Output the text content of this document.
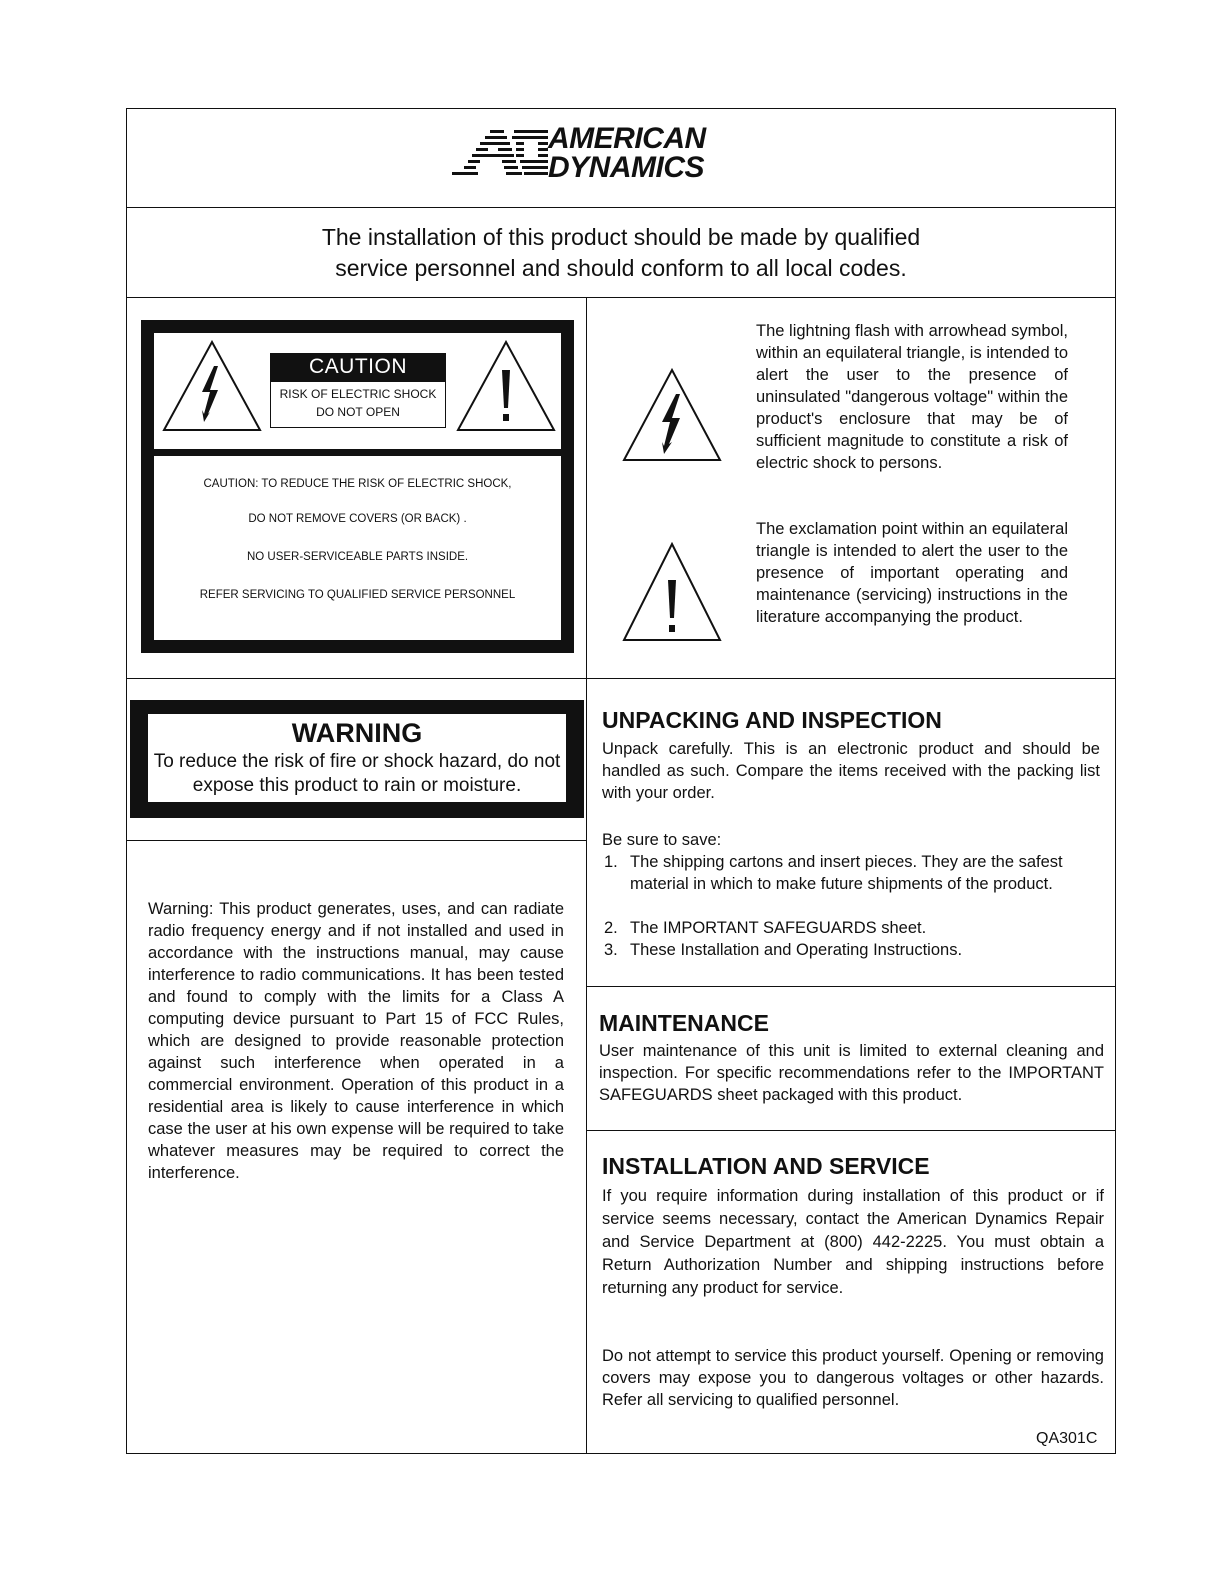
AMERICAN
DYNAMICS
The installation of this product should be made by qualified
service personnel and should conform to all local codes.
CAUTION
RISK OF ELECTRIC SHOCK
DO NOT OPEN
CAUTION: TO REDUCE THE RISK OF ELECTRIC SHOCK,
DO NOT REMOVE COVERS (OR BACK) .
NO USER-SERVICEABLE PARTS INSIDE.
REFER SERVICING TO QUALIFIED SERVICE PERSONNEL
The lightning flash with arrowhead symbol, within an equilateral triangle, is intended to alert the user to the presence of uninsulated "dangerous voltage" within the product's enclosure that may be of sufficient magnitude to constitute a risk of electric shock to persons.
The exclamation point within an equilateral triangle is intended to alert the user to the presence of important operating and maintenance (servicing) instructions in the literature accompanying the product.
WARNING
To reduce the risk of fire or shock hazard, do not expose this product to rain or moisture.
Warning: This product generates, uses, and can radiate radio frequency energy and if not installed and used in accordance with the instructions manual, may cause interference to radio communications. It has been tested and found to comply with the limits for a Class A computing device pursuant to Part 15 of FCC Rules, which are designed to provide reasonable protection against such interference when operated in a commercial environment. Operation of this product in a residential area is likely to cause interference in which case the user at his own expense will be required to take whatever measures may be required to correct the interference.
UNPACKING AND INSPECTION
Unpack carefully. This is an electronic product and should be handled as such. Compare the items received with the packing list with your order.
Be sure to save:
1. The shipping cartons and insert pieces. They are the safest material in which to make future shipments of the product.
2. The IMPORTANT SAFEGUARDS sheet.
3. These Installation and Operating Instructions.
MAINTENANCE
User maintenance of this unit is limited to external cleaning and inspection. For specific recommendations refer to the IMPORTANT SAFEGUARDS sheet packaged with this product.
INSTALLATION AND SERVICE
If you require information during installation of this product or if service seems necessary, contact the American Dynamics Repair and Service Department at (800) 442-2225. You must obtain a Return Authorization Number and shipping instructions before returning any product for service.
Do not attempt to service this product yourself. Opening or removing covers may expose you to dangerous voltages or other hazards. Refer all servicing to qualified personnel.
QA301C
